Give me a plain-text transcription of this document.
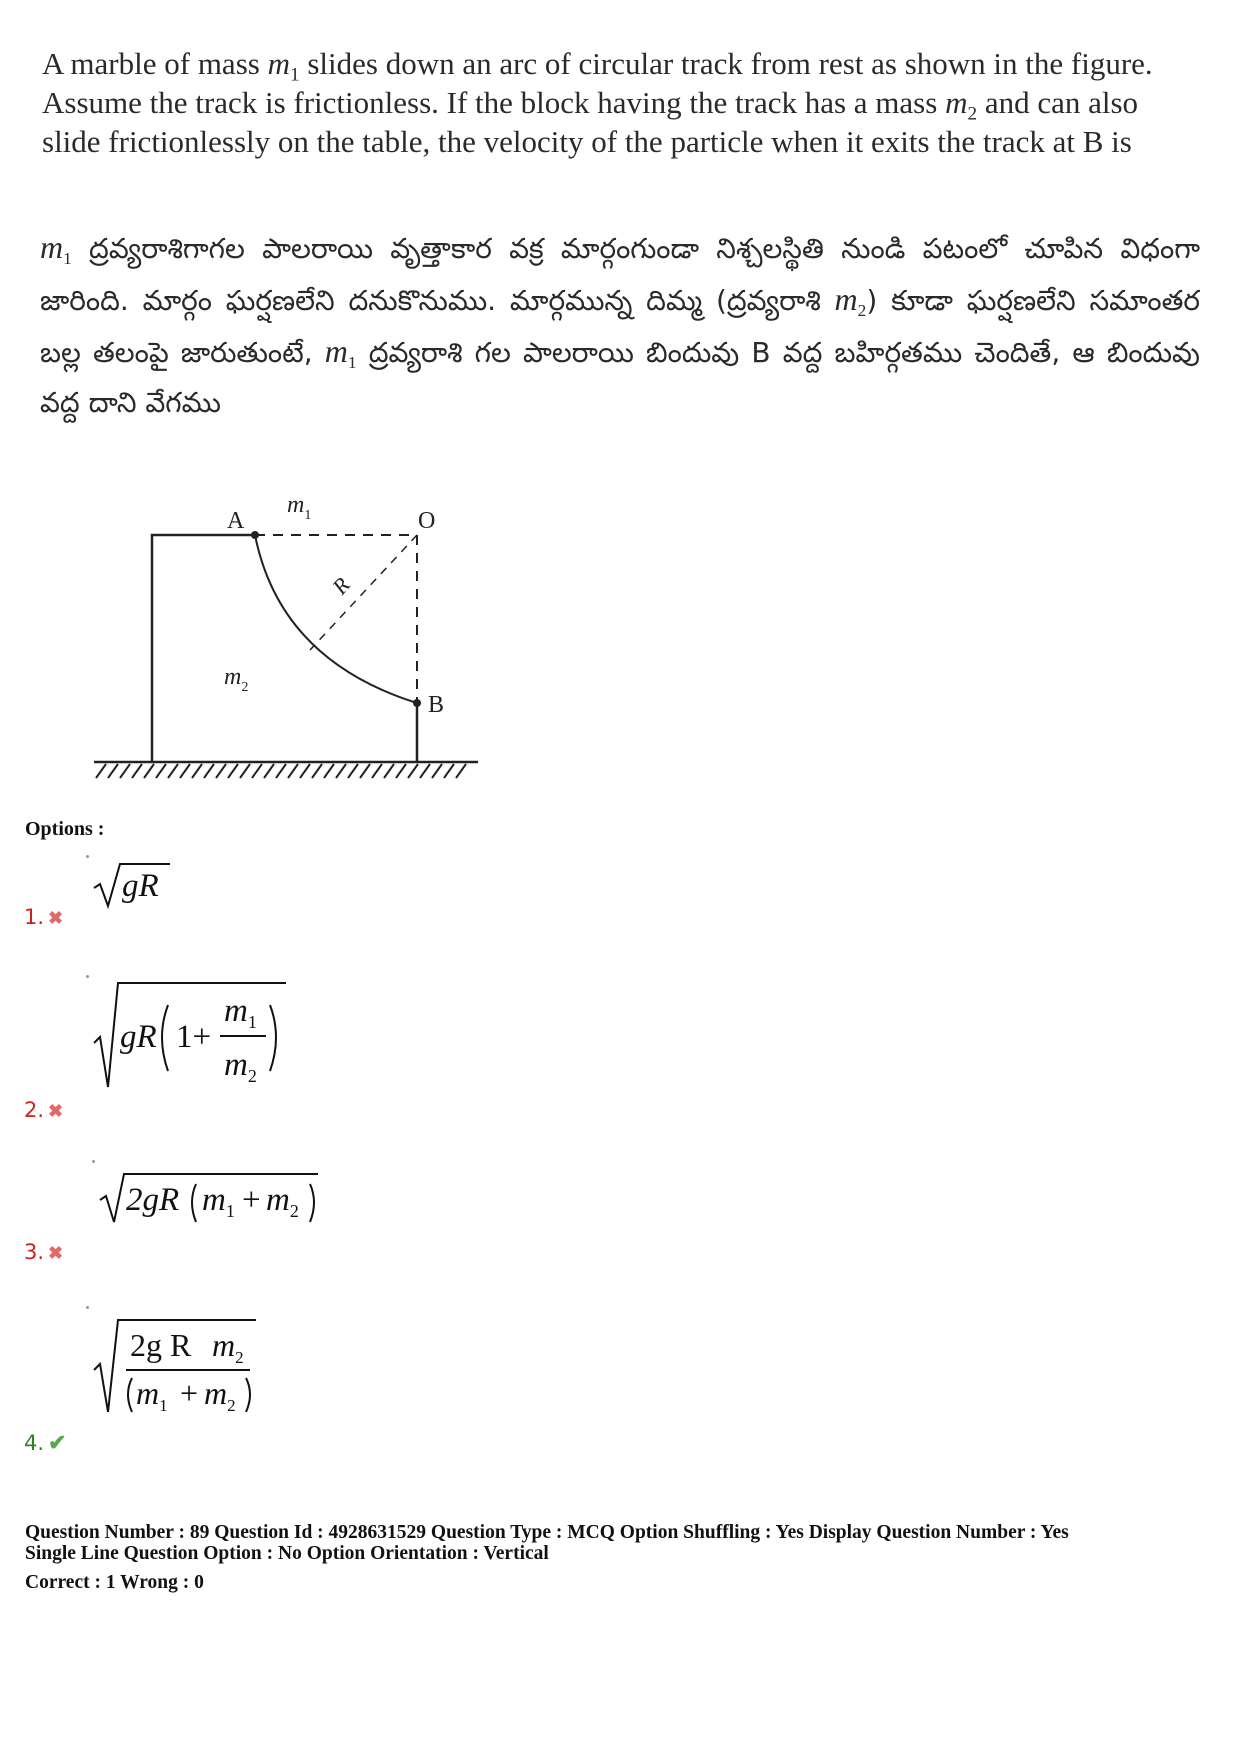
A marble of mass $m_1$ slides down an arc of circular track from rest as shown in the figure.
Assume the track is frictionless. If the block having the track has a mass $m_2$ and can also
slide frictionlessly on the table, the velocity of the particle when it exits the track at B is
$m_1$ ద్రవ్యరాశిగాగల పాలరాయి వృత్తాకార వక్ర మార్గంగుండా నిశ్చలస్థితి నుండి పటంలో చూపిన విధంగా జారింది. మార్గం ఘర్షణలేని దనుకొనుము. మార్గమున్న దిమ్మ (ద్రవ్యరాశి $m_2$) కూడా ఘర్షణలేని సమాంతర బల్ల తలంపై జారుతుంటే, $m_1$ ద్రవ్యరాశి గల పాలరాయి బిందువు B వద్ద బహిర్గతము చెందితే, ఆ బిందువు వద్ద దాని వేగము
A	O
B
R
$m_1$
$m_2$
Options :
gR
1. ✖
gR 1+
$m_1$
$m_2$
2. ✖
2gR $m_1 + m_2$
3. ✖
2g R $m_2$
$m_1 + m_2$
4. ✔
Question Number : 89 Question Id : 4928631529 Question Type : MCQ Option Shuffling : Yes Display Question Number : Yes
Single Line Question Option : No Option Orientation : Vertical
Correct : 1 Wrong : 0
